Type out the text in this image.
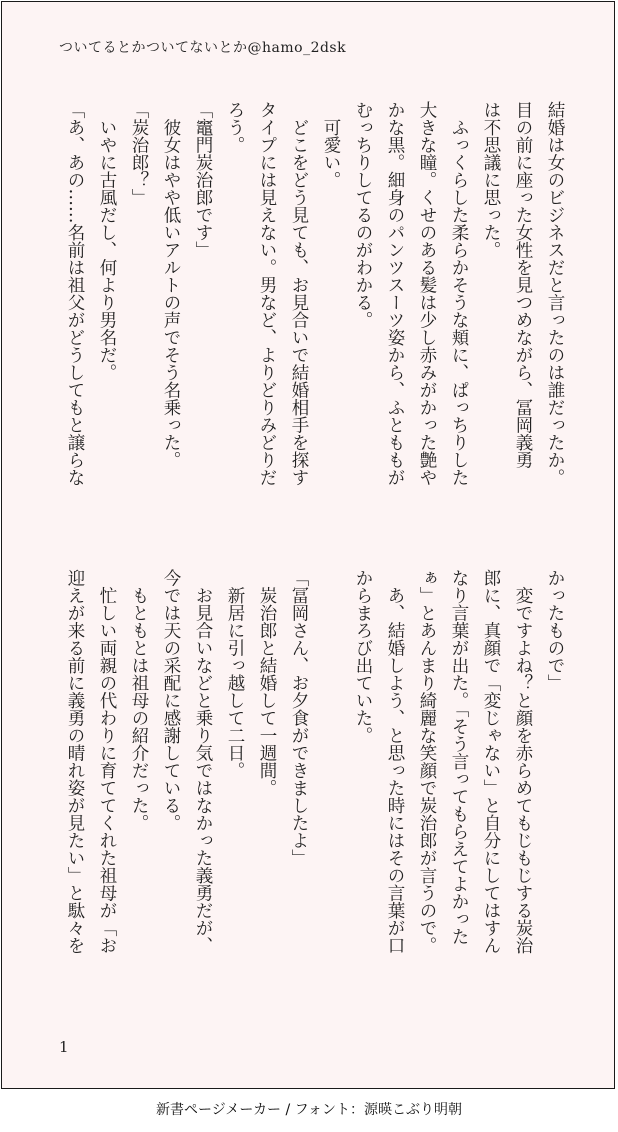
ついてるとかついてないとか@hamo_2dsk
結婚は女のビジネスだと言ったのは誰だったか。
目の前に座った女性を見つめながら、冨岡義勇
は不思議に思った。
　ふっくらした柔らかそうな頬に、ぱっちりした
大きな瞳。くせのある髪は少し赤みがかった艶や
かな黒。細身のパンツスーツ姿から、ふとももが
むっちりしてるのがわかる。
　可愛い。
　どこをどう見ても、お見合いで結婚相手を探す
タイプには見えない。男など、よりどりみどりだ
ろう。
「竈門炭治郎です」
　彼女はやや低いアルトの声でそう名乗った。
「炭治郎？」
　いやに古風だし、何より男名だ。
「あ、あの……名前は祖父がどうしてもと譲らな
かったもので」
　変ですよね？と顔を赤らめてもじもじする炭治
郎に、真顔で「変じゃない」と自分にしてはすん
なり言葉が出た。「そう言ってもらえてよかった
ぁ」とあんまり綺麗な笑顔で炭治郎が言うので。
　あ、結婚しよう、と思った時にはその言葉が口
からまろび出ていた。
「冨岡さん、お夕食ができましたよ」
　炭治郎と結婚して一週間。
　新居に引っ越して二日。
　お見合いなどと乗り気ではなかった義勇だが、
今では天の采配に感謝している。
　もともとは祖母の紹介だった。
　忙しい両親の代わりに育ててくれた祖母が「お
迎えが来る前に義勇の晴れ姿が見たい」と駄々を
1
新書ページメーカー / フォント：源暎こぶり明朝
